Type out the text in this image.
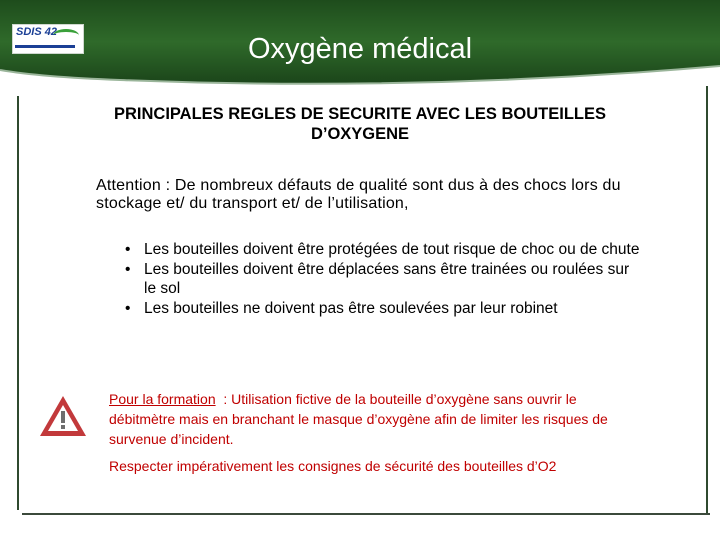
SDIS 42
Oxygène médical
PRINCIPALES REGLES DE SECURITE AVEC LES BOUTEILLES D’OXYGENE
Attention : De nombreux défauts de qualité sont dus à des chocs lors du stockage et/ du transport et/ de l’utilisation,
• Les bouteilles doivent être protégées de tout risque de choc ou de chute
• Les bouteilles doivent être déplacées sans être trainées ou roulées sur le sol
• Les bouteilles ne doivent pas être soulevées par leur robinet
Pour la formation  : Utilisation fictive de la bouteille d’oxygène sans ouvrir le débitmètre mais en branchant le masque d’oxygène afin de limiter les risques de survenue d’incident.
Respecter impérativement les consignes de sécurité des bouteilles d’O2
